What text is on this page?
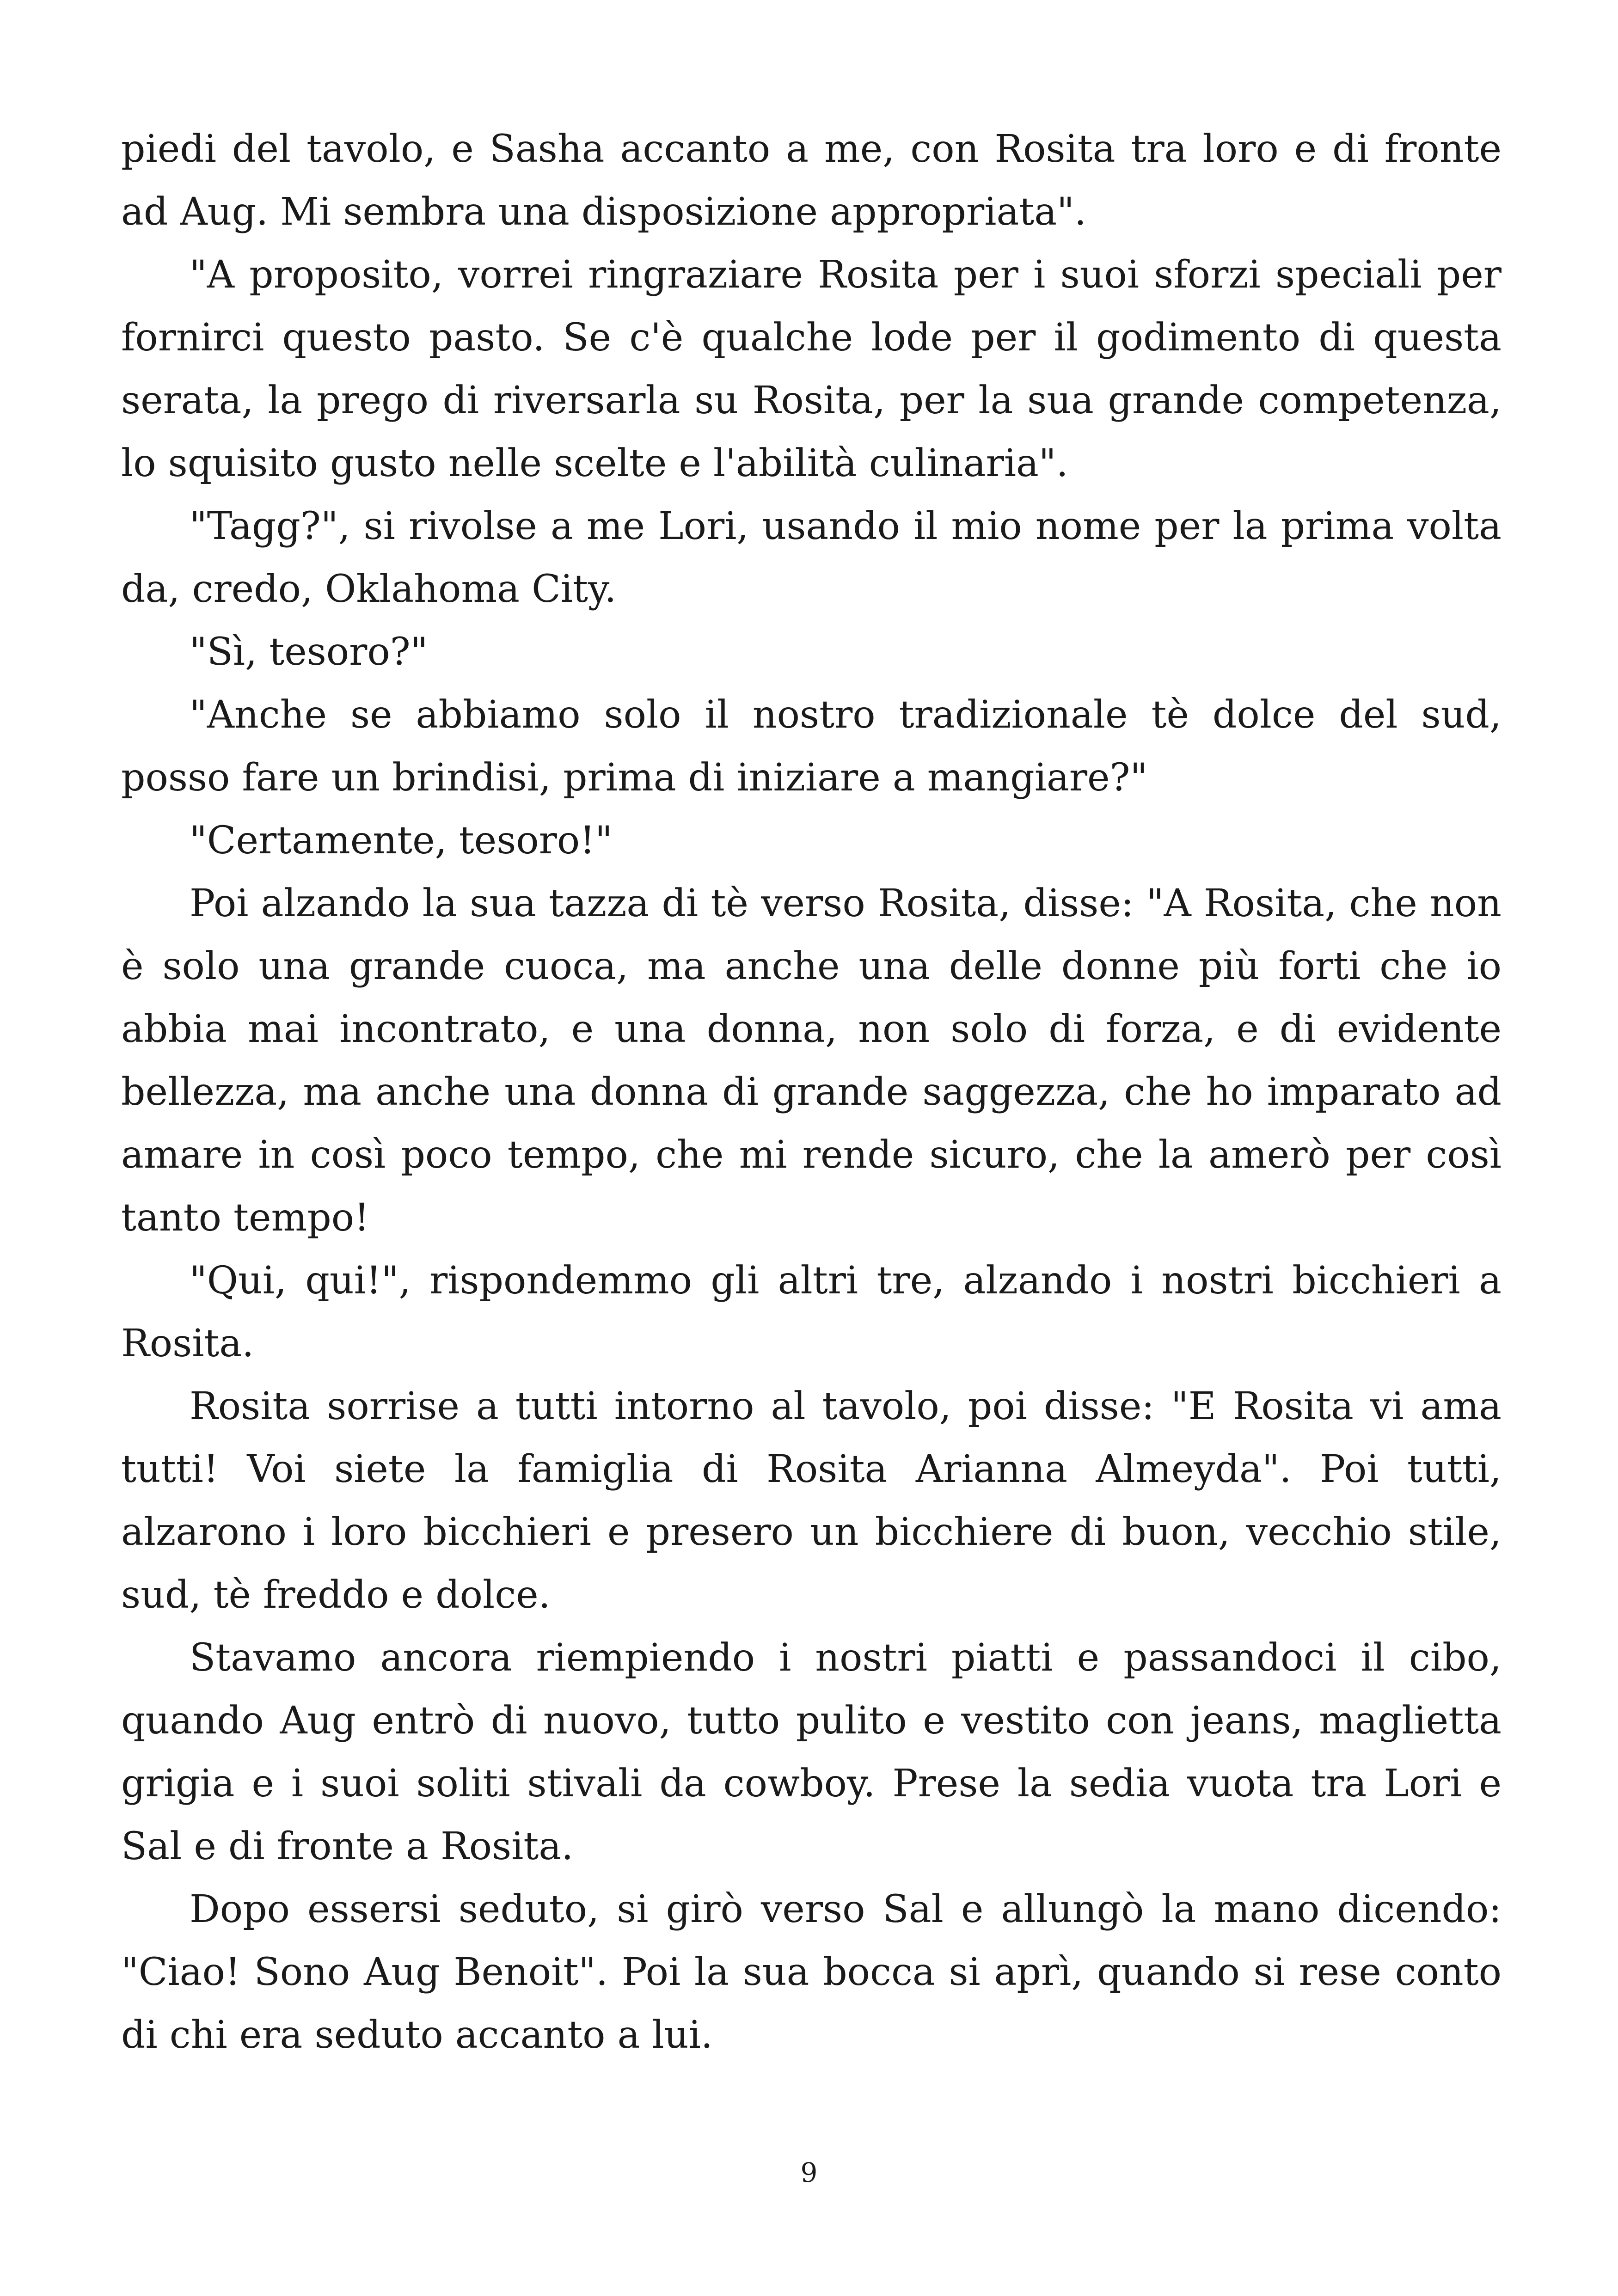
piedi del tavolo, e Sasha accanto a me, con Rosita tra loro e di fronte ad Aug. Mi sembra una disposizione appropriata".

"A proposito, vorrei ringraziare Rosita per i suoi sforzi speciali per fornirci questo pasto. Se c'è qualche lode per il godimento di questa serata, la prego di riversarla su Rosita, per la sua grande competenza, lo squisito gusto nelle scelte e l'abilità culinaria".

"Tagg?", si rivolse a me Lori, usando il mio nome per la prima volta da, credo, Oklahoma City.

"Sì, tesoro?"

"Anche se abbiamo solo il nostro tradizionale tè dolce del sud, posso fare un brindisi, prima di iniziare a mangiare?"

"Certamente, tesoro!"

Poi alzando la sua tazza di tè verso Rosita, disse: "A Rosita, che non è solo una grande cuoca, ma anche una delle donne più forti che io abbia mai incontrato, e una donna, non solo di forza, e di evidente bellezza, ma anche una donna di grande saggezza, che ho imparato ad amare in così poco tempo, che mi rende sicuro, che la amerò per così tanto tempo!

"Qui, qui!", rispondemmo gli altri tre, alzando i nostri bicchieri a Rosita.

Rosita sorrise a tutti intorno al tavolo, poi disse: "E Rosita vi ama tutti! Voi siete la famiglia di Rosita Arianna Almeyda". Poi tutti, alzarono i loro bicchieri e presero un bicchiere di buon, vecchio stile, sud, tè freddo e dolce.

Stavamo ancora riempiendo i nostri piatti e passandoci il cibo, quando Aug entrò di nuovo, tutto pulito e vestito con jeans, maglietta grigia e i suoi soliti stivali da cowboy. Prese la sedia vuota tra Lori e Sal e di fronte a Rosita.

Dopo essersi seduto, si girò verso Sal e allungò la mano dicendo: "Ciao! Sono Aug Benoit". Poi la sua bocca si aprì, quando si rese conto di chi era seduto accanto a lui.

9
